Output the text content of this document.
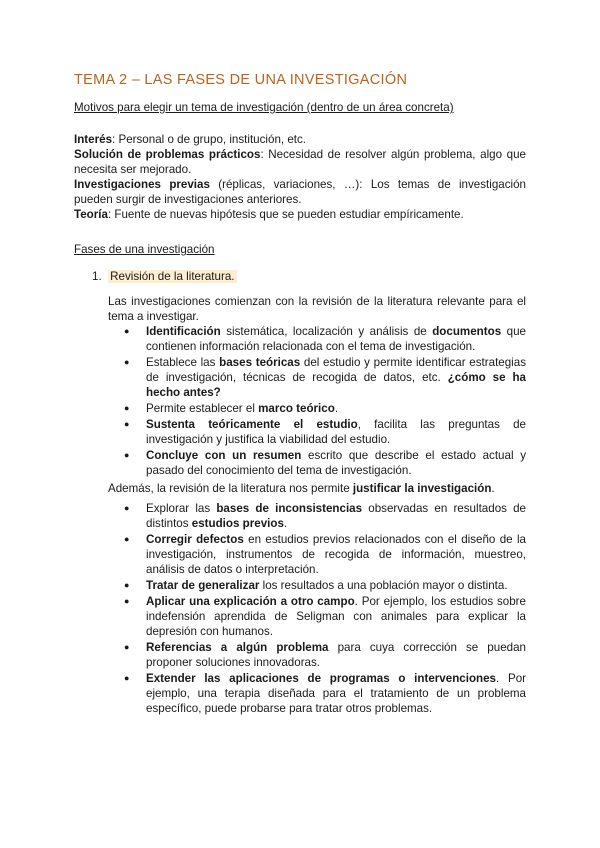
TEMA 2 – LAS FASES DE UNA INVESTIGACIÓN

Motivos para elegir un tema de investigación (dentro de un área concreta)

Interés: Personal o de grupo, institución, etc.

Solución de problemas prácticos: Necesidad de resolver algún problema, algo que necesita ser mejorado.

Investigaciones previas (réplicas, variaciones, …): Los temas de investigación pueden surgir de investigaciones anteriores.

Teoría: Fuente de nuevas hipótesis que se pueden estudiar empíricamente.

Fases de una investigación

1. Revisión de la literatura.

Las investigaciones comienzan con la revisión de la literatura relevante para el tema a investigar.

● Identificación sistemática, localización y análisis de documentos que contienen información relacionada con el tema de investigación.
● Establece las bases teóricas del estudio y permite identificar estrategias de investigación, técnicas de recogida de datos, etc. ¿cómo se ha hecho antes?
● Permite establecer el marco teórico.
● Sustenta teóricamente el estudio, facilita las preguntas de investigación y justifica la viabilidad del estudio.
● Concluye con un resumen escrito que describe el estado actual y pasado del conocimiento del tema de investigación.

Además, la revisión de la literatura nos permite justificar la investigación.

● Explorar las bases de inconsistencias observadas en resultados de distintos estudios previos.
● Corregir defectos en estudios previos relacionados con el diseño de la investigación, instrumentos de recogida de información, muestreo, análisis de datos o interpretación.
● Tratar de generalizar los resultados a una población mayor o distinta.
● Aplicar una explicación a otro campo. Por ejemplo, los estudios sobre indefensión aprendida de Seligman con animales para explicar la depresión con humanos.
● Referencias a algún problema para cuya corrección se puedan proponer soluciones innovadoras.
● Extender las aplicaciones de programas o intervenciones. Por ejemplo, una terapia diseñada para el tratamiento de un problema específico, puede probarse para tratar otros problemas.
